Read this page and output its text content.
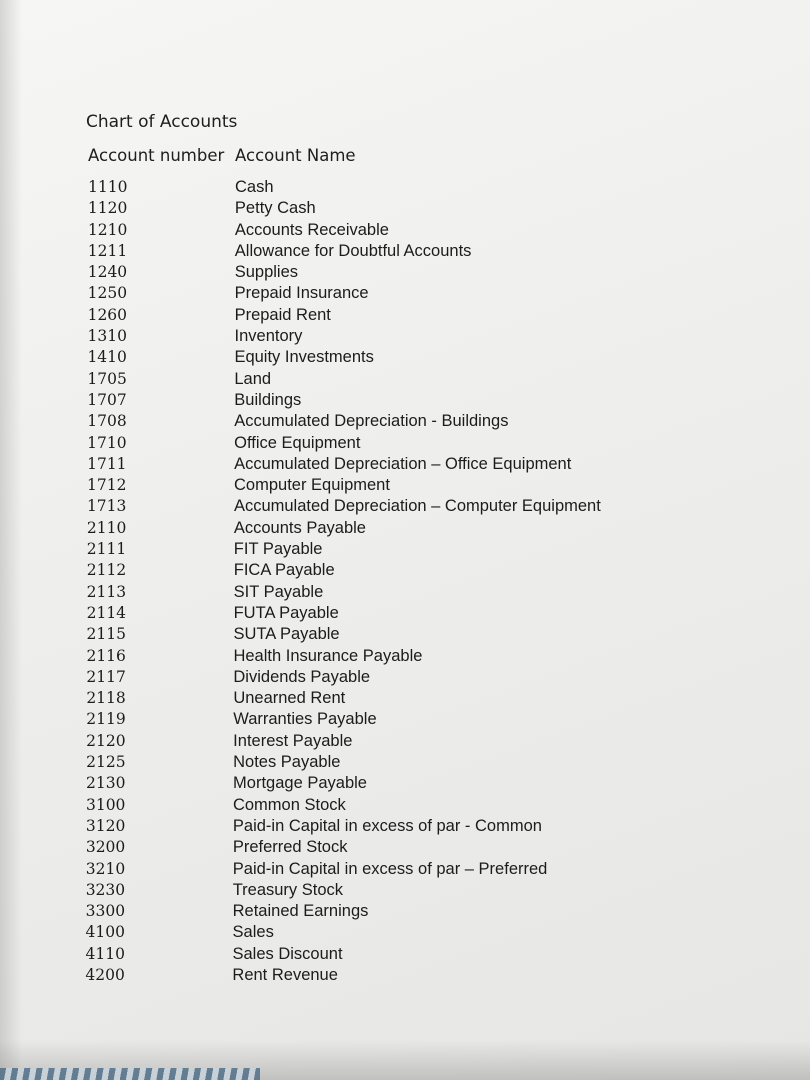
Chart of Accounts
Account number Account Name
1110	Cash
1120	Petty Cash
1210	Accounts Receivable
1211	Allowance for Doubtful Accounts
1240	Supplies
1250	Prepaid Insurance
1260	Prepaid Rent
1310	Inventory
1410	Equity Investments
1705	Land
1707	Buildings
1708	Accumulated Depreciation - Buildings
1710	Office Equipment
1711	Accumulated Depreciation – Office Equipment
1712	Computer Equipment
1713	Accumulated Depreciation – Computer Equipment
2110	Accounts Payable
2111	FIT Payable
2112	FICA Payable
2113	SIT Payable
2114	FUTA Payable
2115	SUTA Payable
2116	Health Insurance Payable
2117	Dividends Payable
2118	Unearned Rent
2119	Warranties Payable
2120	Interest Payable
2125	Notes Payable
2130	Mortgage Payable
3100	Common Stock
3120	Paid-in Capital in excess of par - Common
3200	Preferred Stock
3210	Paid-in Capital in excess of par – Preferred
3230	Treasury Stock
3300	Retained Earnings
4100	Sales
4110	Sales Discount
4200	Rent Revenue
